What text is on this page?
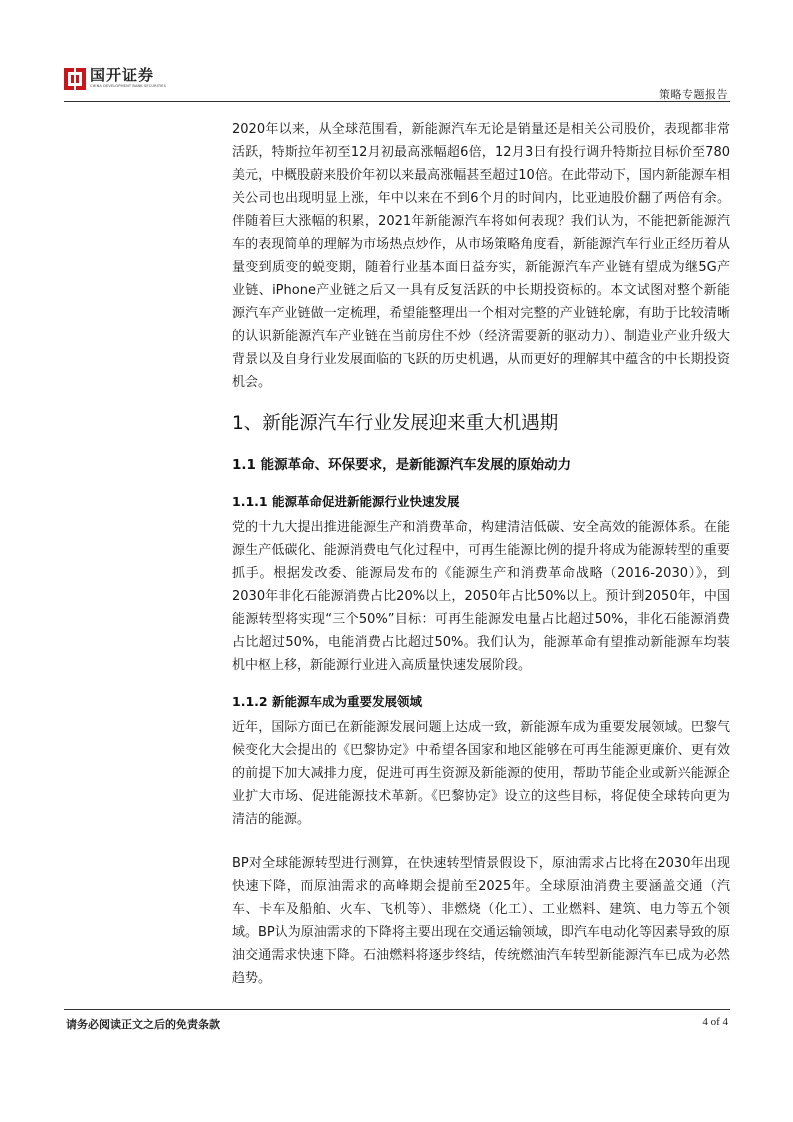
国开证券
CHINA DEVELOPMENT BANK SECURITIES
策略专题报告

2020年以来，从全球范围看，新能源汽车无论是销量还是相关公司股价，表现都非常活跃，特斯拉年初至12月初最高涨幅超6倍，12月3日有投行调升特斯拉目标价至780美元，中概股蔚来股价年初以来最高涨幅甚至超过10倍。在此带动下，国内新能源车相关公司也出现明显上涨，年中以来在不到6个月的时间内，比亚迪股价翻了两倍有余。伴随着巨大涨幅的积累，2021年新能源汽车将如何表现？我们认为，不能把新能源汽车的表现简单的理解为市场热点炒作，从市场策略角度看，新能源汽车行业正经历着从量变到质变的蜕变期，随着行业基本面日益夯实，新能源汽车产业链有望成为继5G产业链、iPhone产业链之后又一具有反复活跃的中长期投资标的。本文试图对整个新能源汽车产业链做一定梳理，希望能整理出一个相对完整的产业链轮廓，有助于比较清晰的认识新能源汽车产业链在当前房住不炒（经济需要新的驱动力）、制造业产业升级大背景以及自身行业发展面临的飞跃的历史机遇，从而更好的理解其中蕴含的中长期投资机会。

1、新能源汽车行业发展迎来重大机遇期
1.1 能源革命、环保要求，是新能源汽车发展的原始动力
1.1.1 能源革命促进新能源行业快速发展

党的十九大提出推进能源生产和消费革命，构建清洁低碳、安全高效的能源体系。在能源生产低碳化、能源消费电气化过程中，可再生能源比例的提升将成为能源转型的重要抓手。根据发改委、能源局发布的《能源生产和消费革命战略（2016-2030）》，到2030年非化石能源消费占比20%以上，2050年占比50%以上。预计到2050年，中国能源转型将实现“三个50%”目标：可再生能源发电量占比超过50%，非化石能源消费占比超过50%，电能消费占比超过50%。我们认为，能源革命有望推动新能源车均装机中枢上移，新能源行业进入高质量快速发展阶段。

1.1.2 新能源车成为重要发展领域

近年，国际方面已在新能源发展问题上达成一致，新能源车成为重要发展领域。巴黎气候变化大会提出的《巴黎协定》中希望各国家和地区能够在可再生能源更廉价、更有效的前提下加大减排力度，促进可再生资源及新能源的使用，帮助节能企业或新兴能源企业扩大市场、促进能源技术革新。《巴黎协定》设立的这些目标，将促使全球转向更为清洁的能源。

BP对全球能源转型进行测算，在快速转型情景假设下，原油需求占比将在2030年出现快速下降，而原油需求的高峰期会提前至2025年。全球原油消费主要涵盖交通（汽车、卡车及船舶、火车、飞机等）、非燃烧（化工）、工业燃料、建筑、电力等五个领域。BP认为原油需求的下降将主要出现在交通运输领域，即汽车电动化等因素导致的原油交通需求快速下降。石油燃料将逐步终结，传统燃油汽车转型新能源汽车已成为必然趋势。

请务必阅读正文之后的免责条款	4 of 4
